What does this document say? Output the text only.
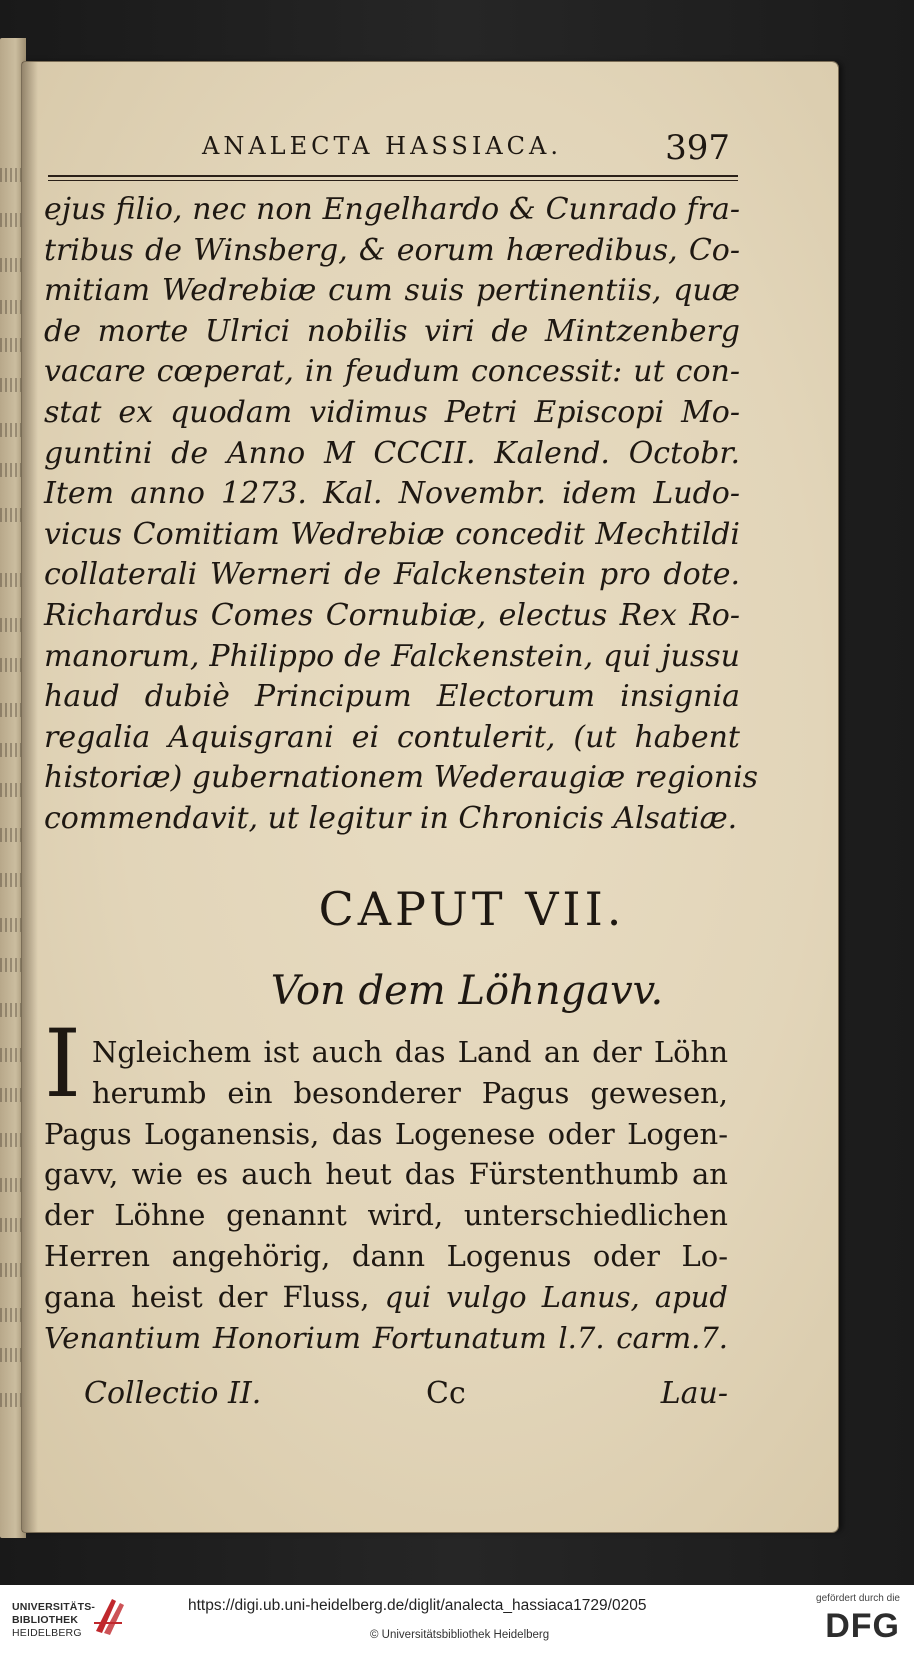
ANALECTA HASSIACA.	397
ejus filio, nec non Engelhardo & Cunrado fra-
tribus de Winsberg, & eorum hæredibus, Co-
mitiam Wedrebiæ cum suis pertinentiis, quæ
de morte Ulrici nobilis viri de Mintzenberg
vacare cœperat, in feudum concessit: ut con-
stat ex quodam vidimus Petri Episcopi Mo-
guntini de Anno M CCCII. Kalend. Octobr.
Item anno 1273. Kal. Novembr. idem Ludo-
vicus Comitiam Wedrebiæ concedit Mechtildi
collaterali Werneri de Falckenstein pro dote.
Richardus Comes Cornubiæ, electus Rex Ro-
manorum, Philippo de Falckenstein, qui jussu
haud dubiè Principum Electorum insignia
regalia Aquisgrani ei contulerit, (ut habent
historiæ) gubernationem Wederaugiæ regionis
commendavit, ut legitur in Chronicis Alsatiæ.
CAPUT VII.
Von dem Löhngavv.
I Ngleichem ist auch das Land an der Löhn
herumb ein besonderer Pagus gewesen,
Pagus Loganensis, das Logenese oder Logen-
gavv, wie es auch heut das Fürstenthumb an
der Löhne genannt wird, unterschiedlichen
Herren angehörig, dann Logenus oder Lo-
gana heist der Fluss, qui vulgo Lanus, apud
Venantium Honorium Fortunatum l.7. carm.7.
Collectio II.	Cc	Lau-
UNIVERSITÄTS-
BIBLIOTHEK
HEIDELBERG
https://digi.ub.uni-heidelberg.de/diglit/analecta_hassiaca1729/0205
© Universitätsbibliothek Heidelberg
gefördert durch die
DFG
